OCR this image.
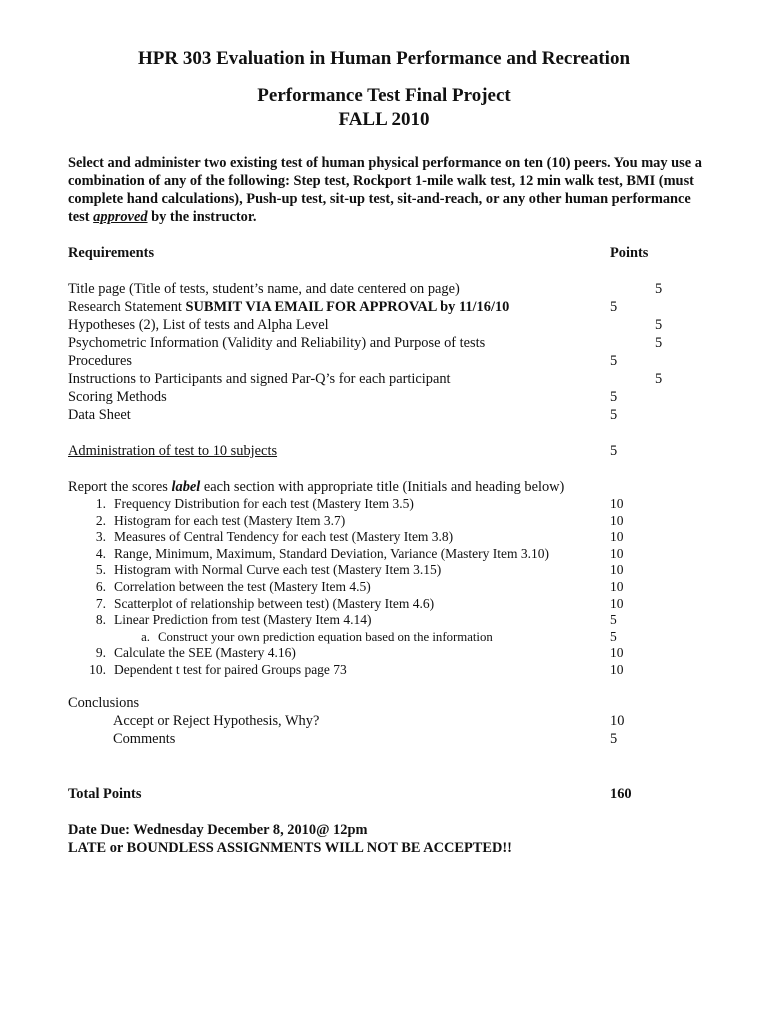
HPR 303 Evaluation in Human Performance and Recreation
Performance Test Final Project
FALL 2010

Select and administer two existing test of human physical performance on ten (10) peers. You may use a combination of any of the following: Step test, Rockport 1-mile walk test, 12 min walk test, BMI (must complete hand calculations), Push-up test, sit-up test, sit-and-reach, or any other human performance test approved by the instructor.

Requirements	Points
Title page (Title of tests, student’s name, and date centered on page)	5
Research Statement SUBMIT VIA EMAIL FOR APPROVAL by 11/16/10	5
Hypotheses (2), List of tests and Alpha Level	5
Psychometric Information (Validity and Reliability) and Purpose of tests	5
Procedures	5
Instructions to Participants and signed Par-Q’s for each participant	5
Scoring Methods	5
Data Sheet	5
Administration of test to 10 subjects	5
Report the scores label each section with appropriate title (Initials and heading below)
1. Frequency Distribution for each test (Mastery Item 3.5)	10
2. Histogram for each test (Mastery Item 3.7)	10
3. Measures of Central Tendency for each test (Mastery Item 3.8)	10
4. Range, Minimum, Maximum, Standard Deviation, Variance (Mastery Item 3.10)	10
5. Histogram with Normal Curve each test (Mastery Item 3.15)	10
6. Correlation between the test (Mastery Item 4.5)	10
7. Scatterplot of relationship between test) (Mastery Item 4.6)	10
8. Linear Prediction from test (Mastery Item 4.14)	5
a. Construct your own prediction equation based on the information	5
9. Calculate the SEE (Mastery 4.16)	10
10. Dependent t test for paired Groups page 73	10
Conclusions
Accept or Reject Hypothesis, Why?	10
Comments	5
Total Points	160
Date Due: Wednesday December 8, 2010@ 12pm
LATE or BOUNDLESS ASSIGNMENTS WILL NOT BE ACCEPTED!!
